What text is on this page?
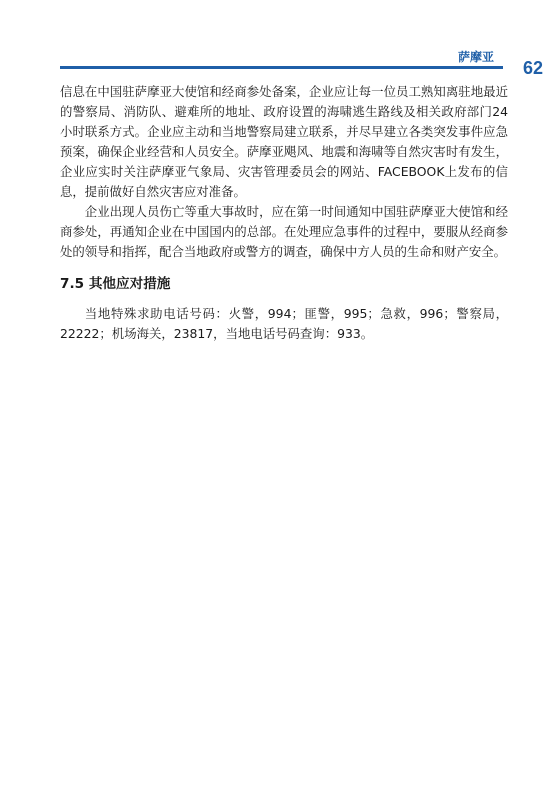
萨摩亚
62

信息在中国驻萨摩亚大使馆和经商参处备案，企业应让每一位员工熟知离驻地最近的警察局、消防队、避难所的地址、政府设置的海啸逃生路线及相关政府部门24小时联系方式。企业应主动和当地警察局建立联系，并尽早建立各类突发事件应急预案，确保企业经营和人员安全。萨摩亚飓风、地震和海啸等自然灾害时有发生，企业应实时关注萨摩亚气象局、灾害管理委员会的网站、FACEBOOK上发布的信息，提前做好自然灾害应对准备。

企业出现人员伤亡等重大事故时，应在第一时间通知中国驻萨摩亚大使馆和经商参处，再通知企业在中国国内的总部。在处理应急事件的过程中，要服从经商参处的领导和指挥，配合当地政府或警方的调查，确保中方人员的生命和财产安全。

7.5 其他应对措施

当地特殊求助电话号码：火警，994；匪警，995；急救，996；警察局，22222；机场海关，23817，当地电话号码查询：933。
